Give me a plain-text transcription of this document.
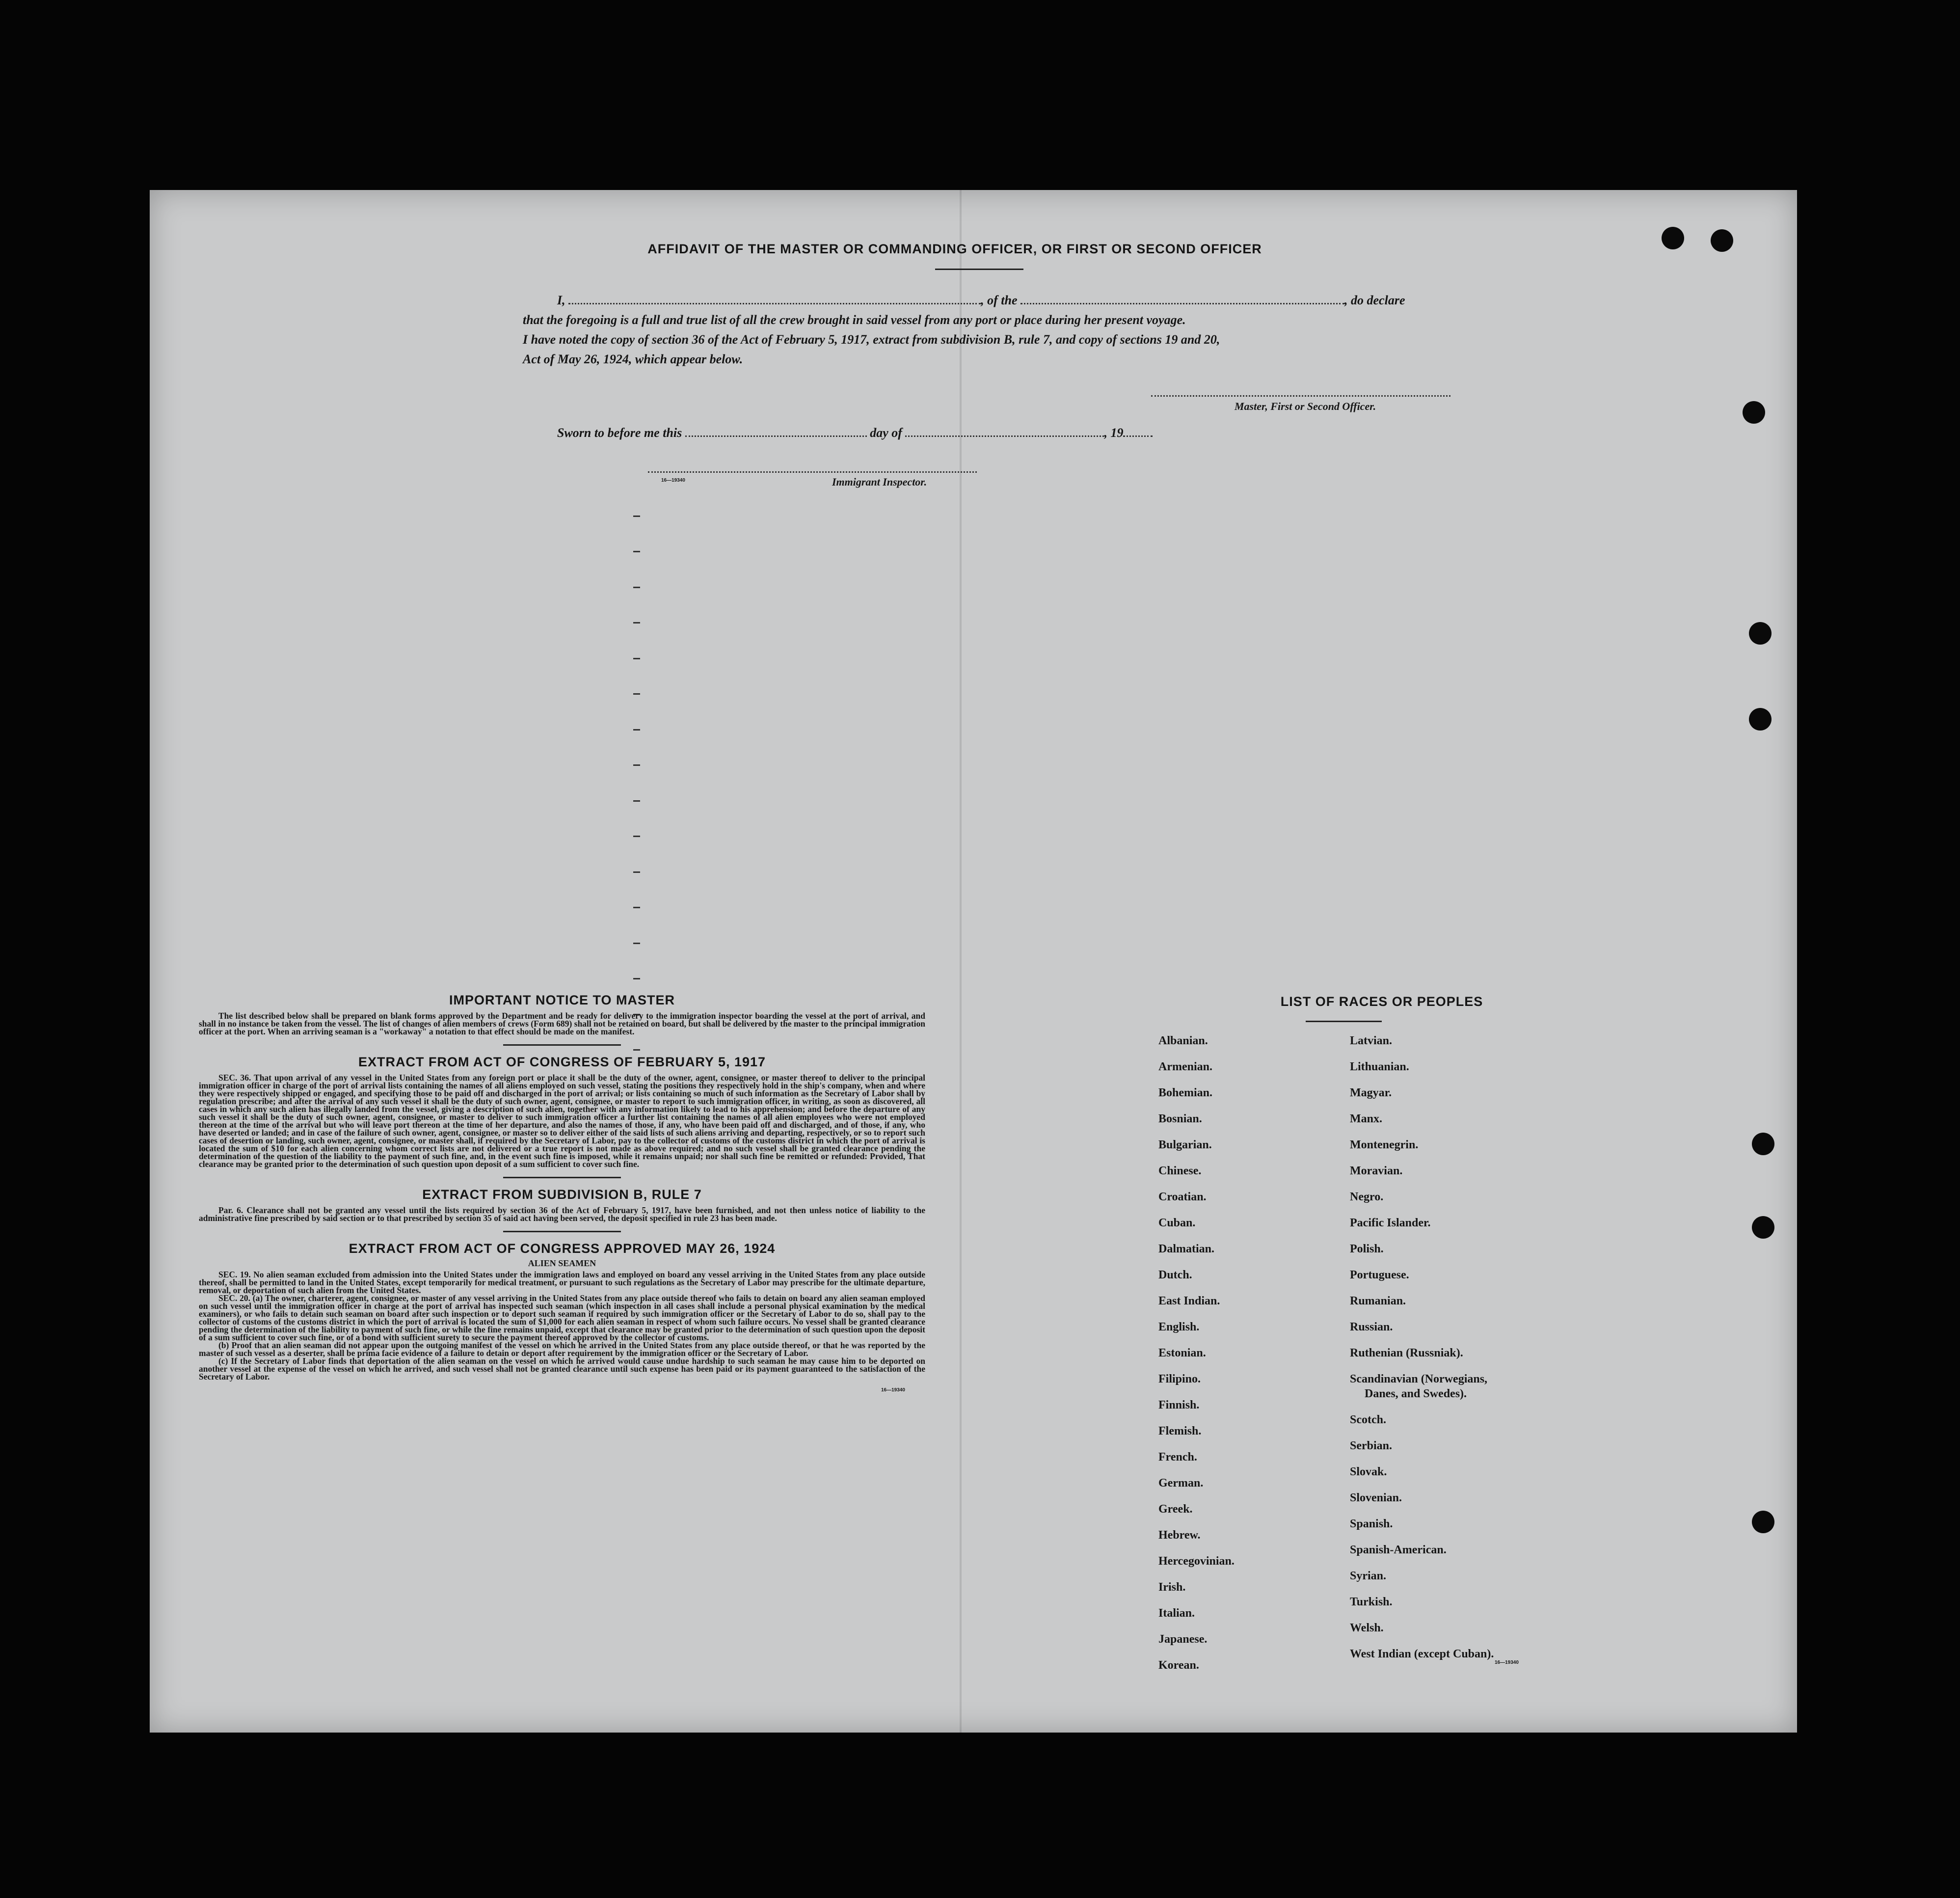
AFFIDAVIT OF THE MASTER OR COMMANDING OFFICER, OR FIRST OR SECOND OFFICER
I,	, of the	, do declare
that the foregoing is a full and true list of all the crew brought in said vessel from any port or place during her present voyage.
I have noted the copy of section 36 of the Act of February 5, 1917, extract from subdivision B, rule 7, and copy of sections 19 and 20,
Act of May 26, 1924, which appear below.
Master, First or Second Officer.
Sworn to before me this	day of	, 19
16—19340	Immigrant Inspector.
IMPORTANT NOTICE TO MASTER
The list described below shall be prepared on blank forms approved by the Department and be ready for delivery to the immigration inspector boarding the vessel at the port of arrival, and shall in no instance be taken from the vessel. The list of changes of alien members of crews (Form 689) shall not be retained on board, but shall be delivered by the master to the principal immigration officer at the port. When an arriving seaman is a "workaway" a notation to that effect should be made on the manifest.
EXTRACT FROM ACT OF CONGRESS OF FEBRUARY 5, 1917
SEC. 36. That upon arrival of any vessel in the United States from any foreign port or place it shall be the duty of the owner, agent, consignee, or master thereof to deliver to the principal immigration officer in charge of the port of arrival lists containing the names of all aliens employed on such vessel, stating the positions they respectively hold in the ship's company, when and where they were respectively shipped or engaged, and specifying those to be paid off and discharged in the port of arrival; or lists containing so much of such information as the Secretary of Labor shall by regulation prescribe; and after the arrival of any such vessel it shall be the duty of such owner, agent, consignee, or master to report to such immigration officer, in writing, as soon as discovered, all cases in which any such alien has illegally landed from the vessel, giving a description of such alien, together with any information likely to lead to his apprehension; and before the departure of any such vessel it shall be the duty of such owner, agent, consignee, or master to deliver to such immigration officer a further list containing the names of all alien employees who were not employed thereon at the time of the arrival but who will leave port thereon at the time of her departure, and also the names of those, if any, who have been paid off and discharged, and of those, if any, who have deserted or landed; and in case of the failure of such owner, agent, consignee, or master so to deliver either of the said lists of such aliens arriving and departing, respectively, or so to report such cases of desertion or landing, such owner, agent, consignee, or master shall, if required by the Secretary of Labor, pay to the collector of customs of the customs district in which the port of arrival is located the sum of $10 for each alien concerning whom correct lists are not delivered or a true report is not made as above required; and no such vessel shall be granted clearance pending the determination of the question of the liability to the payment of such fine, and, in the event such fine is imposed, while it remains unpaid; nor shall such fine be remitted or refunded: Provided, That clearance may be granted prior to the determination of such question upon deposit of a sum sufficient to cover such fine.
EXTRACT FROM SUBDIVISION B, RULE 7
Par. 6. Clearance shall not be granted any vessel until the lists required by section 36 of the Act of February 5, 1917, have been furnished, and not then unless notice of liability to the administrative fine prescribed by said section or to that prescribed by section 35 of said act having been served, the deposit specified in rule 23 has been made.
EXTRACT FROM ACT OF CONGRESS APPROVED MAY 26, 1924
ALIEN SEAMEN
SEC. 19. No alien seaman excluded from admission into the United States under the immigration laws and employed on board any vessel arriving in the United States from any place outside thereof, shall be permitted to land in the United States, except temporarily for medical treatment, or pursuant to such regulations as the Secretary of Labor may prescribe for the ultimate departure, removal, or deportation of such alien from the United States.
SEC. 20. (a) The owner, charterer, agent, consignee, or master of any vessel arriving in the United States from any place outside thereof who fails to detain on board any alien seaman employed on such vessel until the immigration officer in charge at the port of arrival has inspected such seaman (which inspection in all cases shall include a personal physical examination by the medical examiners), or who fails to detain such seaman on board after such inspection or to deport such seaman if required by such immigration officer or the Secretary of Labor to do so, shall pay to the collector of customs of the customs district in which the port of arrival is located the sum of $1,000 for each alien seaman in respect of whom such failure occurs. No vessel shall be granted clearance pending the determination of the liability to payment of such fine, or while the fine remains unpaid, except that clearance may be granted prior to the determination of such question upon the deposit of a sum sufficient to cover such fine, or of a bond with sufficient surety to secure the payment thereof approved by the collector of customs.
(b) Proof that an alien seaman did not appear upon the outgoing manifest of the vessel on which he arrived in the United States from any place outside thereof, or that he was reported by the master of such vessel as a deserter, shall be prima facie evidence of a failure to detain or deport after requirement by the immigration officer or the Secretary of Labor.
(c) If the Secretary of Labor finds that deportation of the alien seaman on the vessel on which he arrived would cause undue hardship to such seaman he may cause him to be deported on another vessel at the expense of the vessel on which he arrived, and such vessel shall not be granted clearance until such expense has been paid or its payment guaranteed to the satisfaction of the Secretary of Labor.
16—19340
LIST OF RACES OR PEOPLES
Albanian.
Armenian.
Bohemian.
Bosnian.
Bulgarian.
Chinese.
Croatian.
Cuban.
Dalmatian.
Dutch.
East Indian.
English.
Estonian.
Filipino.
Finnish.
Flemish.
French.
German.
Greek.
Hebrew.
Hercegovinian.
Irish.
Italian.
Japanese.
Korean.
Latvian.
Lithuanian.
Magyar.
Manx.
Montenegrin.
Moravian.
Negro.
Pacific Islander.
Polish.
Portuguese.
Rumanian.
Russian.
Ruthenian (Russniak).
Scandinavian (Norwegians,
Danes, and Swedes).
Scotch.
Serbian.
Slovak.
Slovenian.
Spanish.
Spanish-American.
Syrian.
Turkish.
Welsh.
West Indian (except Cuban).
16—19340
